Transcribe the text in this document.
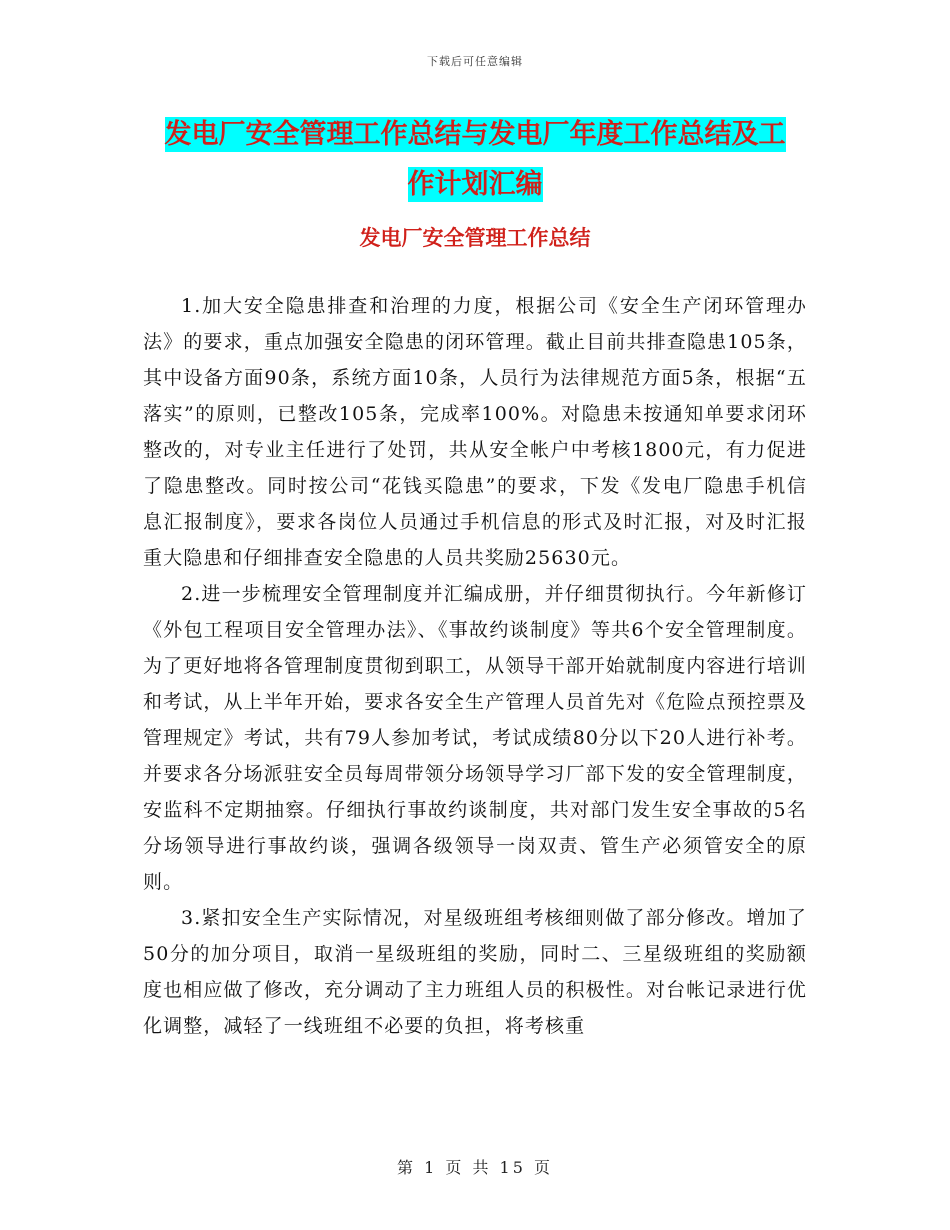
下载后可任意编辑
发电厂安全管理工作总结与发电厂年度工作总结及工
作计划汇编
发电厂安全管理工作总结

1.加大安全隐患排查和治理的力度，根据公司《安全生产闭环管理办法》的要求，重点加强安全隐患的闭环管理。截止目前共排查隐患105条，其中设备方面90条，系统方面10条，人员行为法律规范方面5条，根据“五落实”的原则，已整改105条，完成率100%。对隐患未按通知单要求闭环整改的，对专业主任进行了处罚，共从安全帐户中考核1800元，有力促进了隐患整改。同时按公司“花钱买隐患”的要求，下发《发电厂隐患手机信息汇报制度》，要求各岗位人员通过手机信息的形式及时汇报，对及时汇报重大隐患和仔细排查安全隐患的人员共奖励25630元。

2.进一步梳理安全管理制度并汇编成册，并仔细贯彻执行。今年新修订《外包工程项目安全管理办法》、《事故约谈制度》等共6个安全管理制度。为了更好地将各管理制度贯彻到职工，从领导干部开始就制度内容进行培训和考试，从上半年开始，要求各安全生产管理人员首先对《危险点预控票及管理规定》考试，共有79人参加考试，考试成绩80分以下20人进行补考。并要求各分场派驻安全员每周带领分场领导学习厂部下发的安全管理制度，安监科不定期抽察。仔细执行事故约谈制度，共对部门发生安全事故的5名分场领导进行事故约谈，强调各级领导一岗双责、管生产必须管安全的原则。

3.紧扣安全生产实际情况，对星级班组考核细则做了部分修改。增加了50分的加分项目，取消一星级班组的奖励，同时二、三星级班组的奖励额度也相应做了修改，充分调动了主力班组人员的积极性。对台帐记录进行优化调整，减轻了一线班组不必要的负担，将考核重

第 1 页 共 15 页
